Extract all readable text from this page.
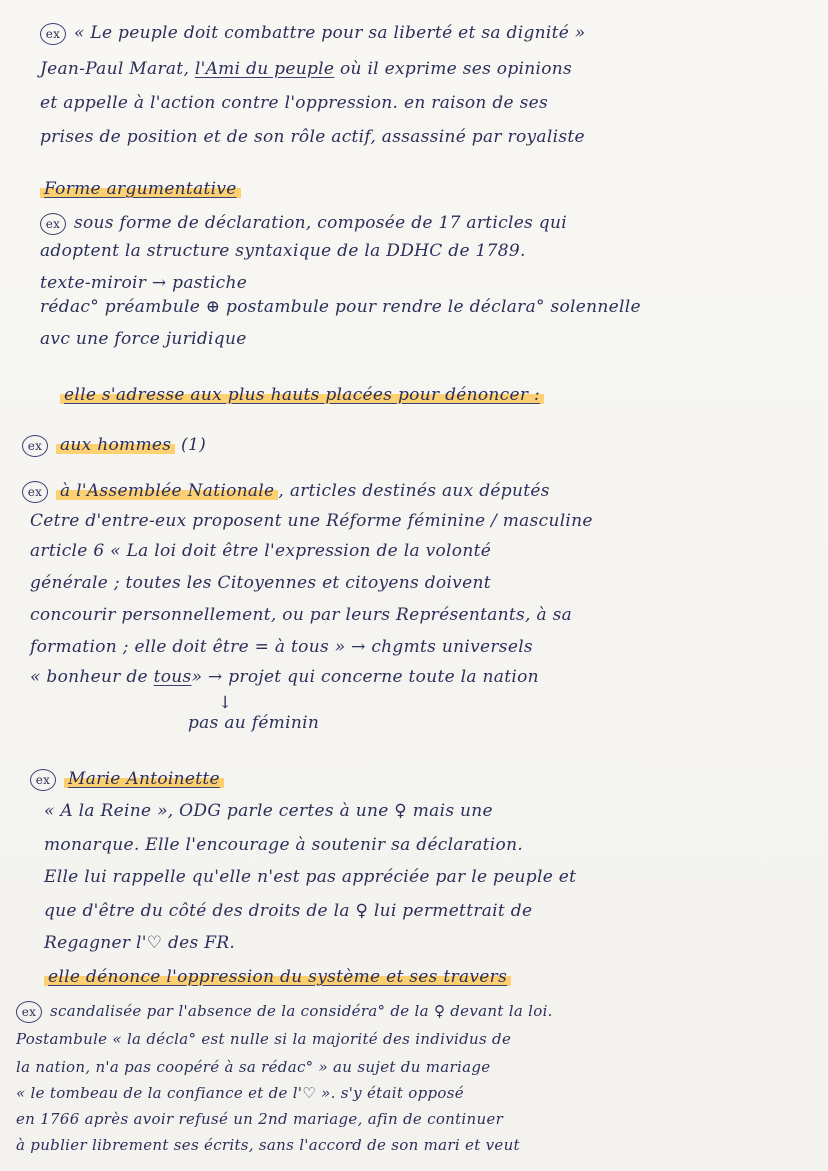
ex « Le peuple doit combattre pour sa liberté et sa dignité »
Jean-Paul Marat, l'Ami du peuple où il exprime ses opinions
et appelle à l'action contre l'oppression. en raison de ses
prises de position et de son rôle actif, assassiné par royaliste
Forme argumentative
ex sous forme de déclaration, composée de 17 articles qui
adoptent la structure syntaxique de la DDHC de 1789.
texte-miroir → pastiche
rédac° préambule ⊕ postambule pour rendre le déclara° solennelle
avc une force juridique
elle s'adresse aux plus hauts placées pour dénoncer :
ex aux hommes (1)
ex à l'Assemblée Nationale , articles destinés aux députés
Cetre d'entre-eux proposent une Réforme féminine / masculine
article 6 « La loi doit être l'expression de la volonté
générale ; toutes les Citoyennes et citoyens doivent
concourir personnellement, ou par leurs Représentants, à sa
formation ; elle doit être = à tous » → chgmts universels
« bonheur de tous» → projet qui concerne toute la nation
↓
pas au féminin
ex Marie Antoinette
« A la Reine », ODG parle certes à une ♀ mais une
monarque. Elle l'encourage à soutenir sa déclaration.
Elle lui rappelle qu'elle n'est pas appréciée par le peuple et
que d'être du côté des droits de la ♀ lui permettrait de
Regagner l'♡ des FR.
elle dénonce l'oppression du système et ses travers
ex scandalisée par l'absence de la considéra° de la ♀ devant la loi.
Postambule « la décla° est nulle si la majorité des individus de
la nation, n'a pas coopéré à sa rédac° » au sujet du mariage
« le tombeau de la confiance et de l'♡ ». s'y était opposé
en 1766 après avoir refusé un 2nd mariage, afin de continuer
à publier librement ses écrits, sans l'accord de son mari et veut
